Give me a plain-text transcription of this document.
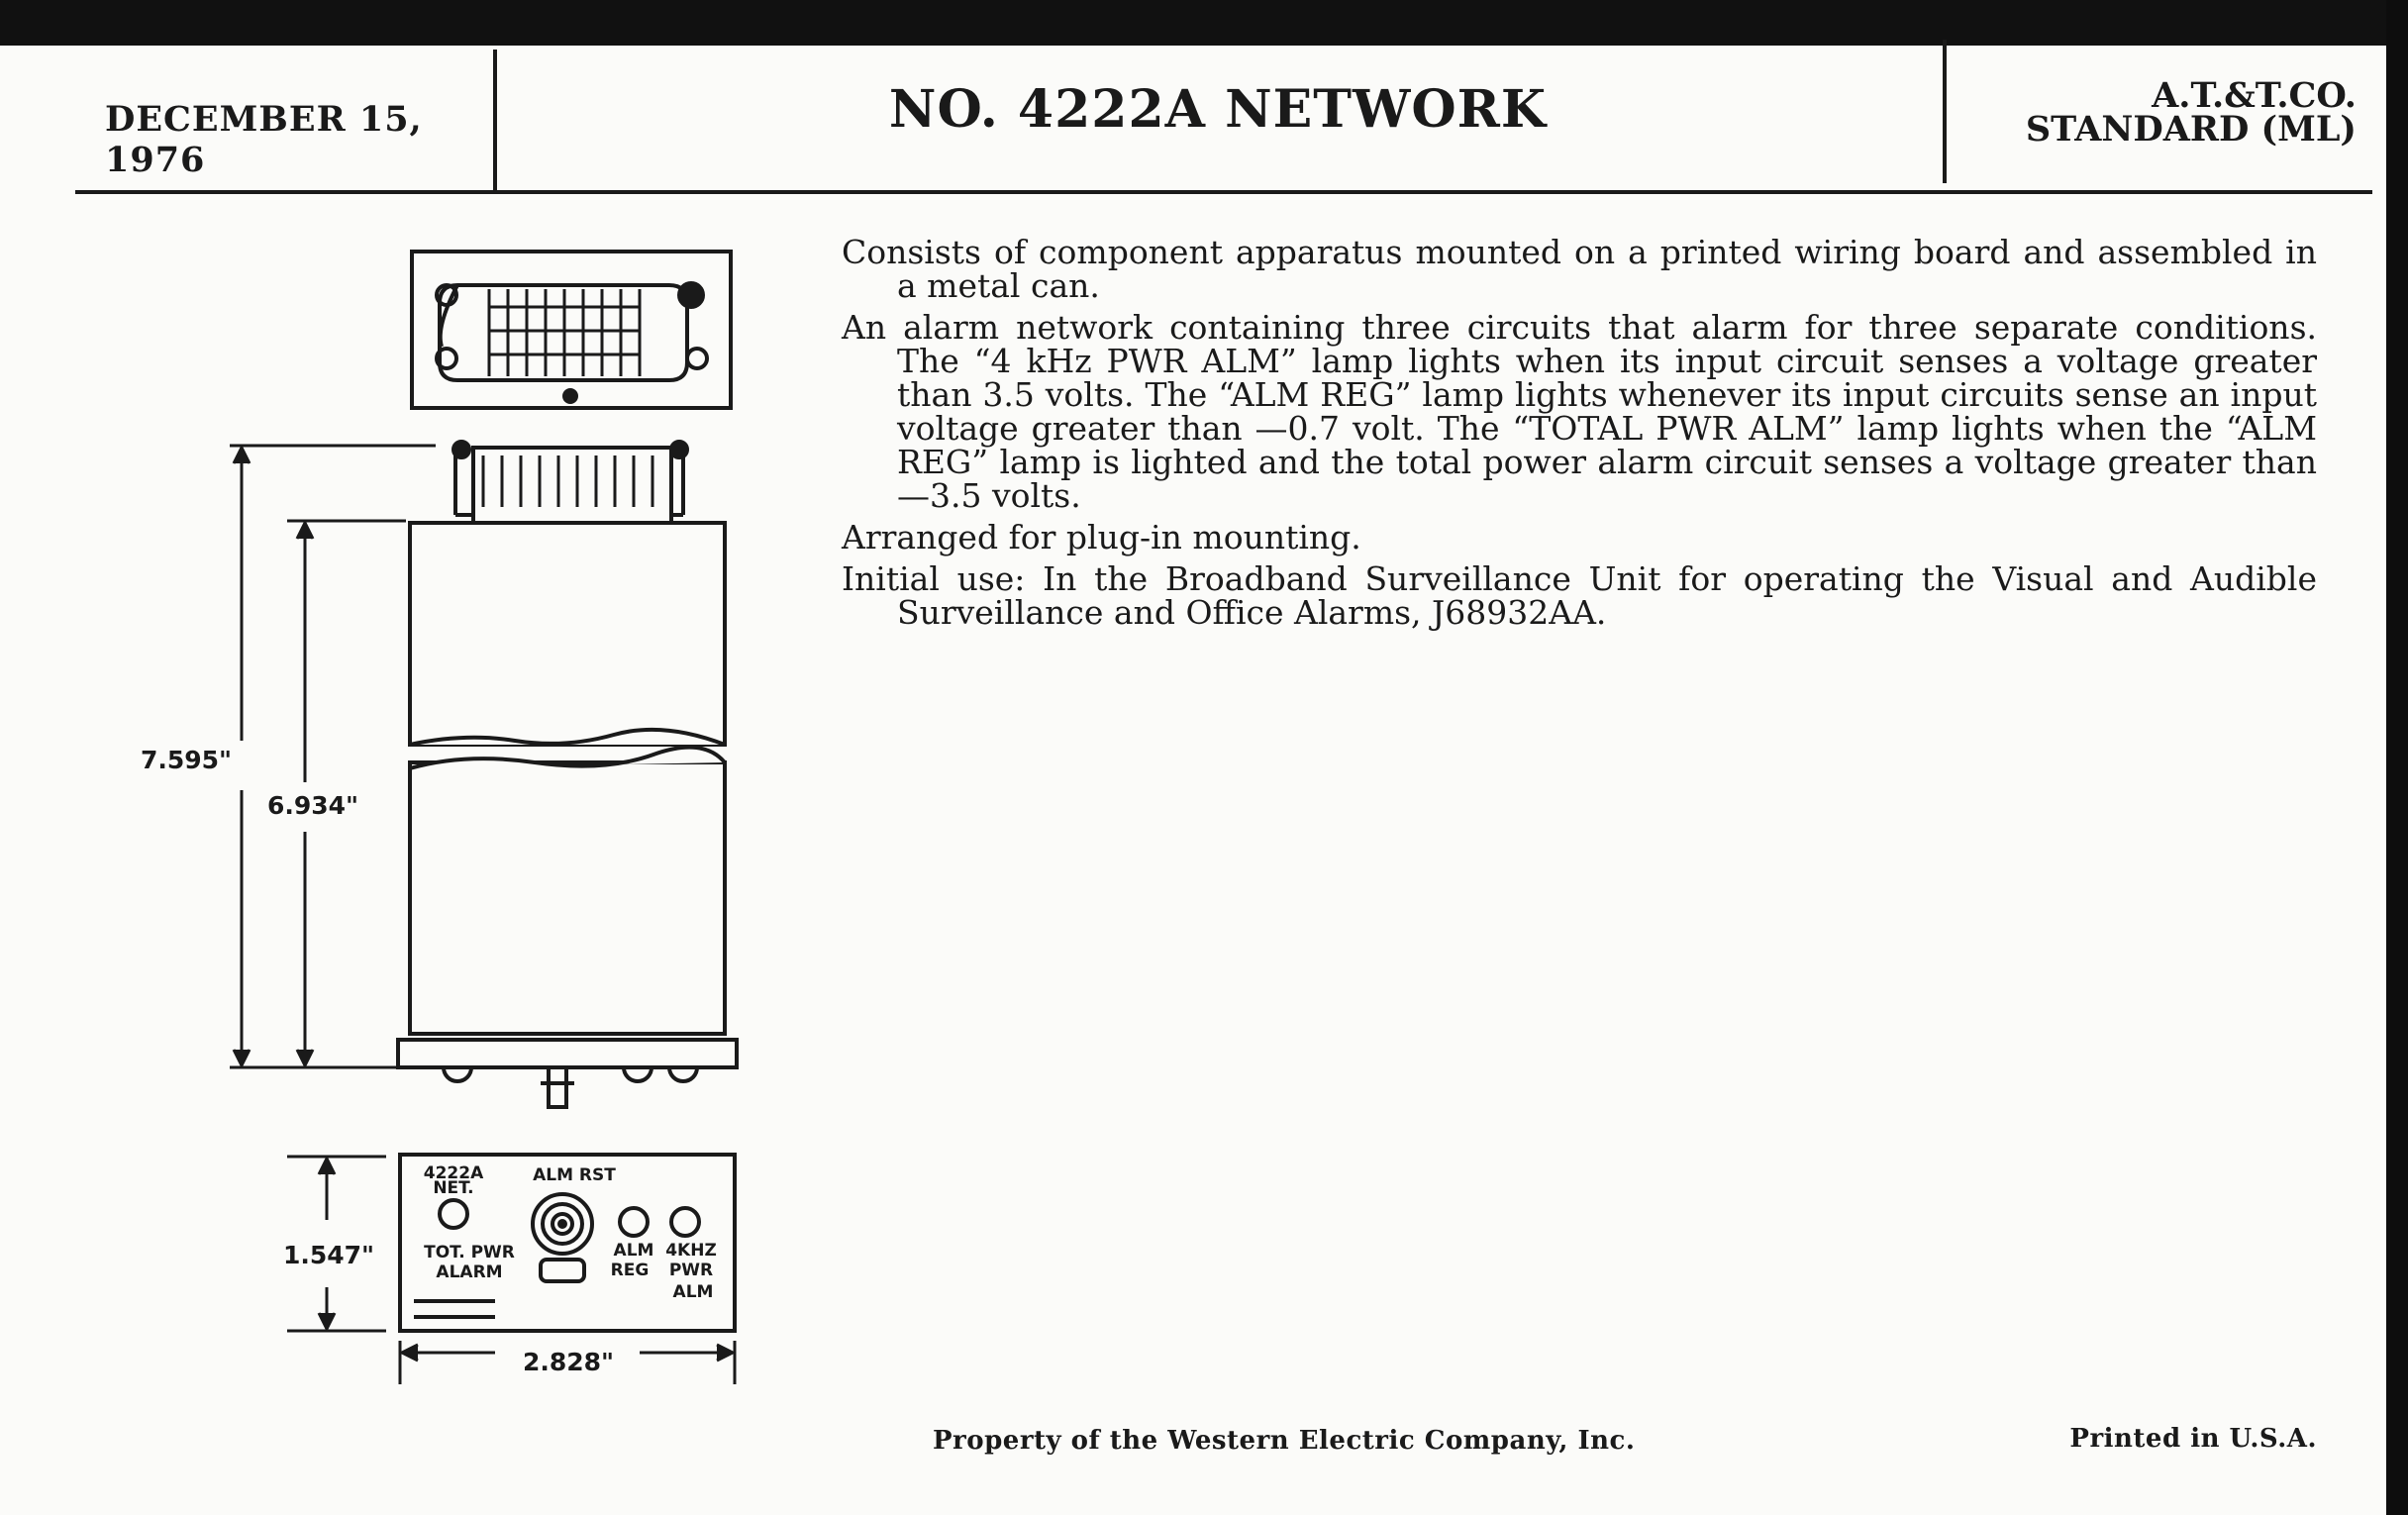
DECEMBER 15, 1976
NO. 4222A NETWORK	A.T.&T.CO.
STANDARD (ML)
7.595"
6.934"
1.547"
2.828"
4222A
NET.
ALM RST
TOT. PWR
ALARM
ALM
REG
4KHZ
PWR
ALM

Consists of component apparatus mounted on a printed wiring board and assembled in a metal can.

An alarm network containing three circuits that alarm for three separate conditions. The “4 kHz PWR ALM” lamp lights when its input circuit senses a voltage greater than 3.5 volts. The “ALM REG” lamp lights whenever its input circuits sense an input voltage greater than —0.7 volt. The “TOTAL PWR ALM” lamp lights when the “ALM REG” lamp is lighted and the total power alarm circuit senses a voltage greater than —3.5 volts.

Arranged for plug-in mounting.

Initial use: In the Broadband Surveillance Unit for operating the Visual and Audible Surveillance and Office Alarms, J68932AA.

Property of the Western Electric Company, Inc.	Printed in U.S.A.
